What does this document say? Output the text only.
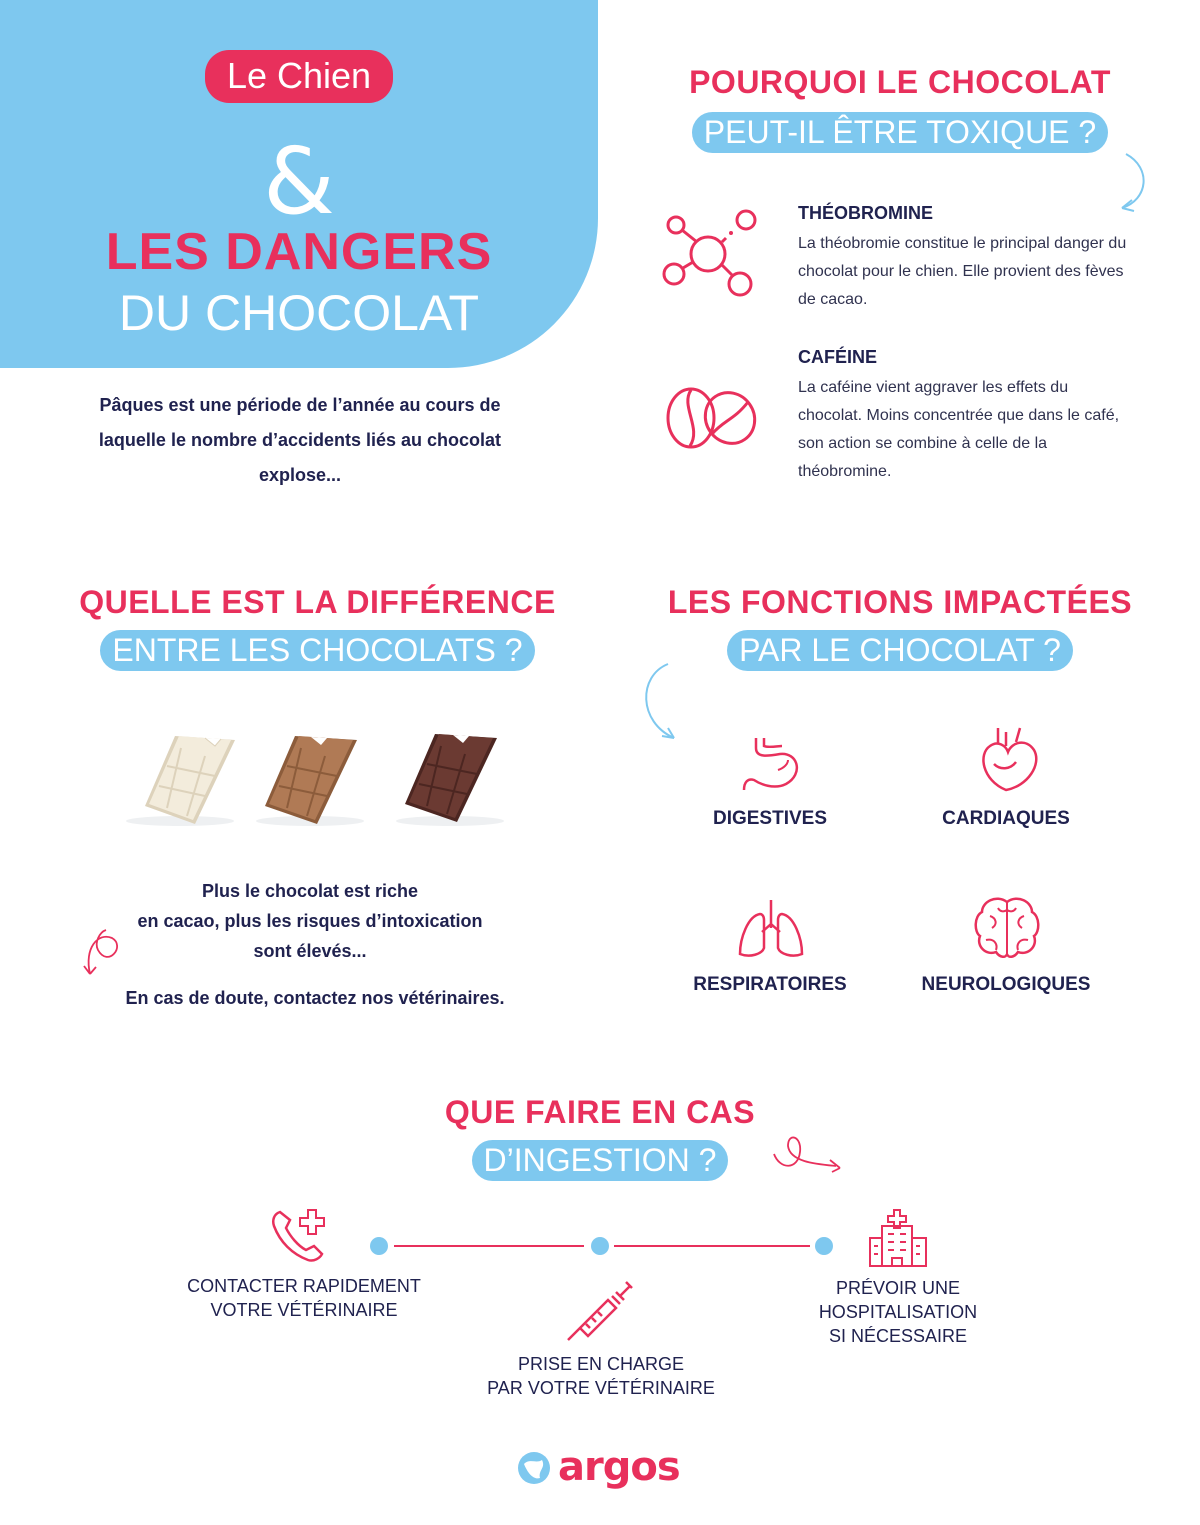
Le Chien
&
LES DANGERS
DU CHOCOLAT
Pâques est une période de l’année au cours de laquelle le nombre d’accidents liés au chocolat explose...
POURQUOI LE CHOCOLAT
PEUT-IL ÊTRE TOXIQUE ?
THÉOBROMINE
La théobromie constitue le principal danger du chocolat pour le chien. Elle provient des fèves de cacao.
CAFÉINE
La caféine vient aggraver les effets du chocolat. Moins concentrée que dans le café, son action se combine à celle de la théobromine.
QUELLE EST LA DIFFÉRENCE
ENTRE LES CHOCOLATS ?
Plus le chocolat est riche
en cacao, plus les risques d’intoxication
sont élevés...
En cas de doute, contactez nos vétérinaires.
LES FONCTIONS IMPACTÉES
PAR LE CHOCOLAT ?
DIGESTIVES	CARDIAQUES
RESPIRATOIRES	NEUROLOGIQUES
QUE FAIRE EN CAS
D’INGESTION ?
CONTACTER RAPIDEMENT
VOTRE VÉTÉRINAIRE
PRISE EN CHARGE
PAR VOTRE VÉTÉRINAIRE
PRÉVOIR UNE
HOSPITALISATION
SI NÉCESSAIRE
argos
